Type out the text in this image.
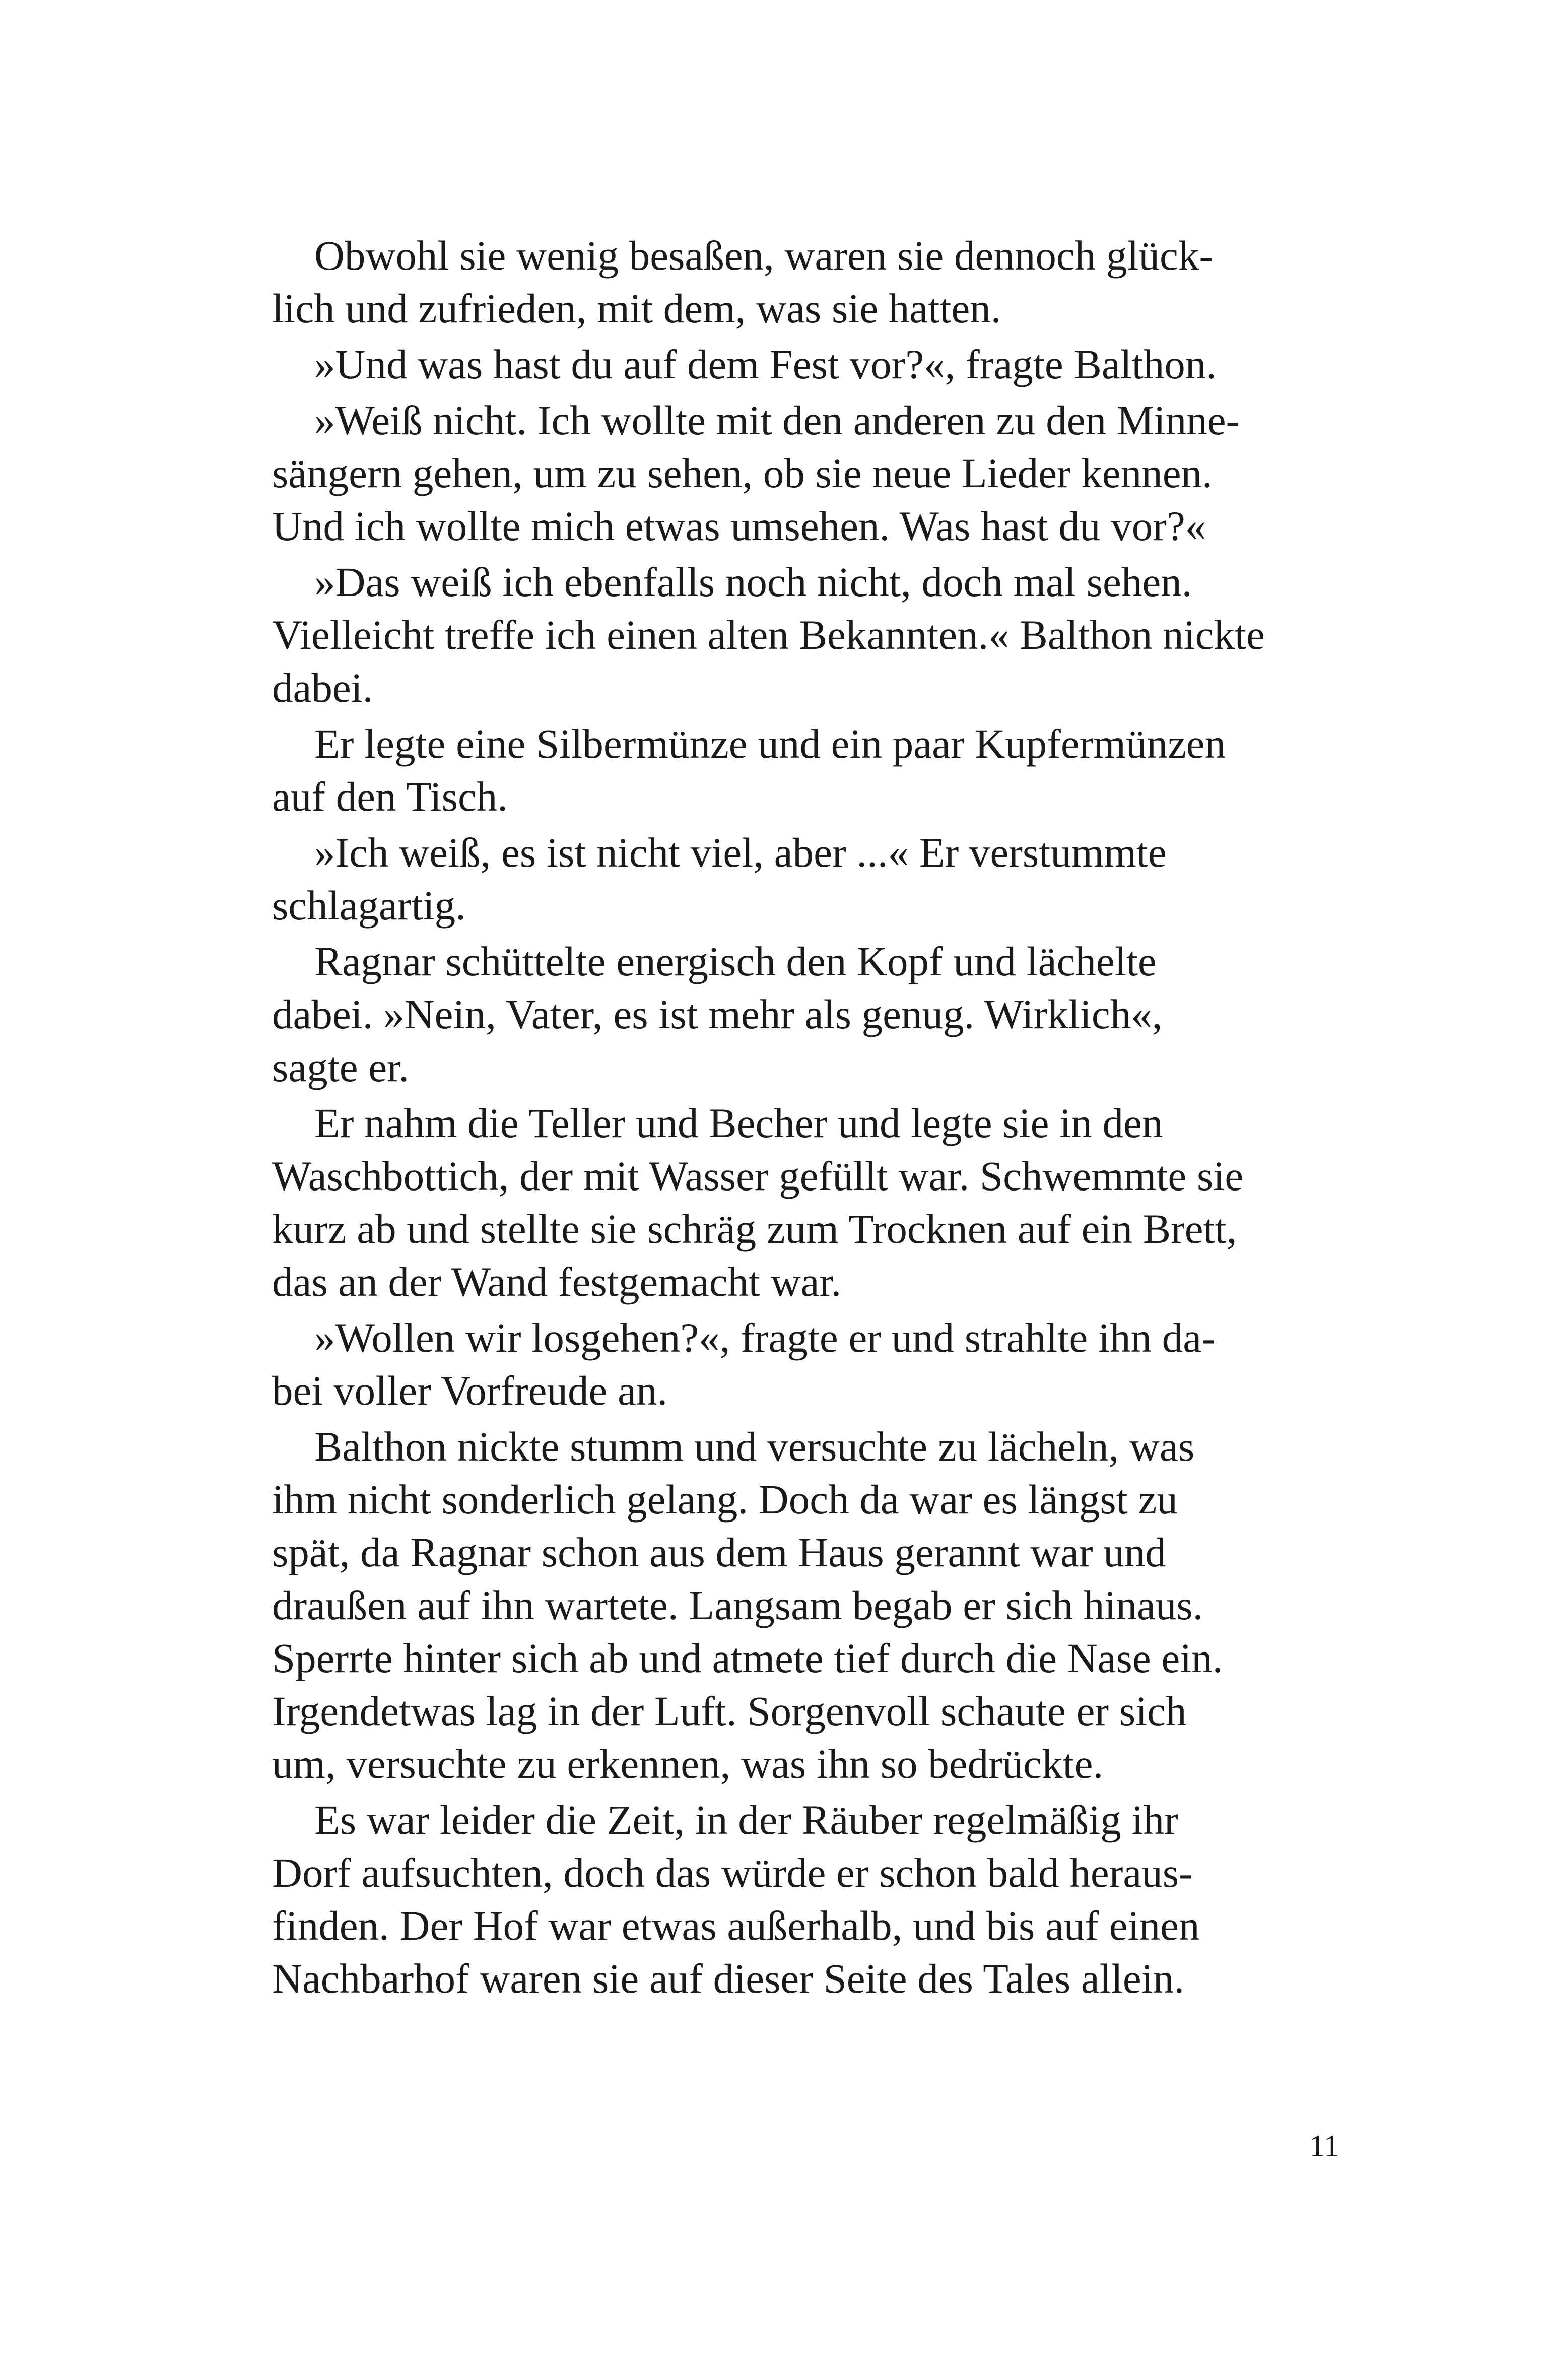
Obwohl sie wenig besaßen, waren sie dennoch glück-
lich und zufrieden, mit dem, was sie hatten.

»Und was hast du auf dem Fest vor?«, fragte Balthon.

»Weiß nicht. Ich wollte mit den anderen zu den Minne-
sängern gehen, um zu sehen, ob sie neue Lieder kennen.
Und ich wollte mich etwas umsehen. Was hast du vor?«

»Das weiß ich ebenfalls noch nicht, doch mal sehen.
Vielleicht treffe ich einen alten Bekannten.« Balthon nickte
dabei.

Er legte eine Silbermünze und ein paar Kupfermünzen
auf den Tisch.

»Ich weiß, es ist nicht viel, aber ...« Er verstummte
schlagartig.

Ragnar schüttelte energisch den Kopf und lächelte
dabei. »Nein, Vater, es ist mehr als genug. Wirklich«,
sagte er.

Er nahm die Teller und Becher und legte sie in den
Waschbottich, der mit Wasser gefüllt war. Schwemmte sie
kurz ab und stellte sie schräg zum Trocknen auf ein Brett,
das an der Wand festgemacht war.

»Wollen wir losgehen?«, fragte er und strahlte ihn da-
bei voller Vorfreude an.

Balthon nickte stumm und versuchte zu lächeln, was
ihm nicht sonderlich gelang. Doch da war es längst zu
spät, da Ragnar schon aus dem Haus gerannt war und
draußen auf ihn wartete. Langsam begab er sich hinaus.
Sperrte hinter sich ab und atmete tief durch die Nase ein.
Irgendetwas lag in der Luft. Sorgenvoll schaute er sich
um, versuchte zu erkennen, was ihn so bedrückte.

Es war leider die Zeit, in der Räuber regelmäßig ihr
Dorf aufsuchten, doch das würde er schon bald heraus-
finden. Der Hof war etwas außerhalb, und bis auf einen
Nachbarhof waren sie auf dieser Seite des Tales allein.

11
